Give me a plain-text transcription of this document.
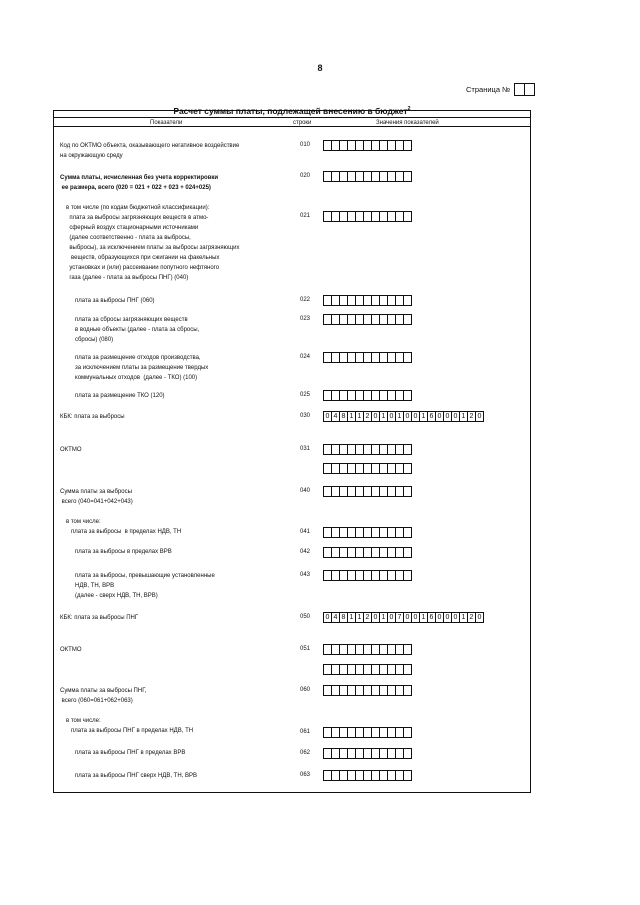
8
Страница №
Расчет суммы платы, подлежащей внесению в бюджет$^2$
Показатели	строки	Значения показателей
Код по ОКТМО объекта, оказывающего негативное воздействие
на окружающую среду
Сумма платы, исчисленная без учета корректировки
ее размера, всего (020 = 021 + 022 + 023 + 024+025)
в том числе (по кодам бюджетной классификации):
плата за выбросы загрязняющих веществ в атмо-
сферный воздух стационарными источниками
(далее соответственно - плата за выбросы,
выбросы), за исключением платы за выбросы загрязняющих
веществ, образующихся при сжигании на факельных
установках и (или) рассеивании попутного нефтяного
газа (далее - плата за выбросы ПНГ) (040)
плата за выбросы ПНГ (060)
плата за сбросы загрязняющих веществ
в водные объекты (далее - плата за сбросы,
сбросы) (080)
плата за размещение отходов производства,
за исключением платы за размещение твердых
коммунальных отходов  (далее - ТКО) (100)
плата за размещение ТКО (120)
КБК: плата за выбросы
ОКТМО
Сумма платы за выбросы
всего (040=041+042+043)
в том числе:
плата за выбросы  в пределах НДВ, ТН
плата за выбросы в пределах ВРВ
плата за выбросы, превышающие установленные
НДВ, ТН, ВРВ
(далее - сверх НДВ, ТН, ВРВ)
КБК: плата за выбросы ПНГ
ОКТМО
Сумма платы за выбросы ПНГ,
всего (060=061+062+063)
в том числе:
плата за выбросы ПНГ в пределах НДВ, ТН
плата за выбросы ПНГ в пределах ВРВ
плата за выбросы ПНГ сверх НДВ, ТН, ВРВ
010
020
021
022
023
024
025
030
031
040
041
042
043
050
051
060
061
062
063
0 4 8 1 1 2 0 1 0 1 0 0 1 6 0 0 0 1 2 0
0 4 8 1 1 2 0 1 0 7 0 0 1 6 0 0 0 1 2 0
